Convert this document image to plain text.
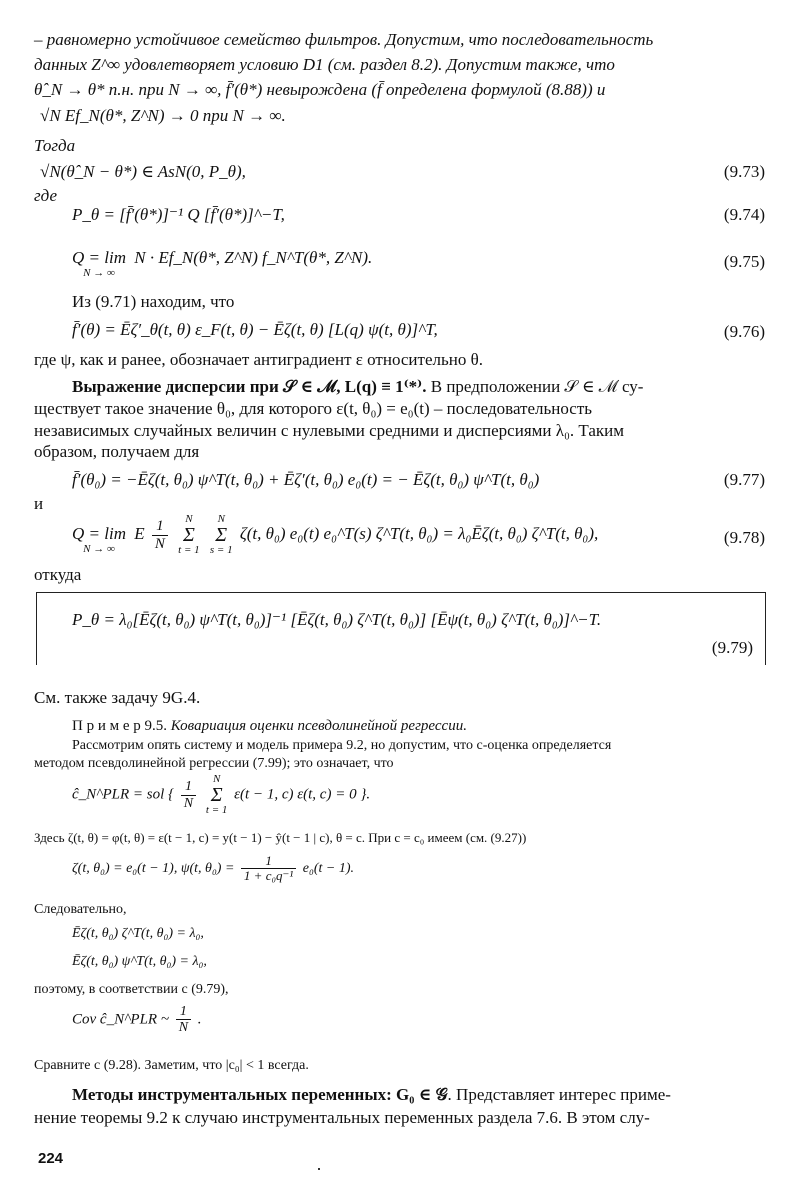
– равномерно устойчивое семейство фильтров. Допустим, что последовательность
данных Z^∞ удовлетворяет условию D1 (см. раздел 8.2). Допустим также, что
θ̂_N → θ* п.н. при N → ∞, f̄′(θ*) невырождена (f̄ определена формулой (8.88)) и
√N Ef_N(θ*, Z^N) → 0 при N → ∞.
Тогда
√N(θ̂_N − θ*) ∈ AsN(0, P_θ),	(9.73)
где
P_θ = [f̄′(θ*)]⁻¹ Q [f̄′(θ*)]^−T,	(9.74)
Q = lim
N → ∞
N · Ef_N(θ*, Z^N) f_N^T(θ*, Z^N).	(9.75)
Из (9.71) находим, что
f̄′(θ) = Ēζ′_θ(t, θ) ε_F(t, θ) − Ēζ(t, θ) [L(q) ψ(t, θ)]^T,	(9.76)
где ψ, как и ранее, обозначает антиградиент ε относительно θ.
Выражение дисперсии при 𝒮 ∈ ℳ, L(q) ≡ 1⁽*⁾. В предположении 𝒮 ∈ ℳ су-
ществует такое значение θ₀, для которого ε(t, θ₀) = e₀(t) – последовательность
независимых случайных величин с нулевыми средними и дисперсиями λ₀. Таким
образом, получаем для
f̄′(θ₀) = −Ēζ(t, θ₀) ψ^T(t, θ₀) + Ēζ′(t, θ₀) e₀(t) = − Ēζ(t, θ₀) ψ^T(t, θ₀)	(9.77)
и
Q = lim
N → ∞
E $\frac{1}{N}$
	N
Σ
t = 1

N
Σ
s = 1
ζ(t, θ₀) e₀(t) e₀^T(s) ζ^T(t, θ₀) = λ₀Ēζ(t, θ₀) ζ^T(t, θ₀),	(9.78)
откуда
P_θ = λ₀[Ēζ(t, θ₀) ψ^T(t, θ₀)]⁻¹ [Ēζ(t, θ₀) ζ^T(t, θ₀)] [Ēψ(t, θ₀) ζ^T(t, θ₀)]^−T.
(9.79)
См. также задачу 9G.4.
П р и м е р 9.5. Ковариация оценки псевдолинейной регрессии.
Рассмотрим опять систему и модель примера 9.2, но допустим, что c-оценка определяется
методом псевдолинейной регрессии (7.99); это означает, что
ĉ_N^PLR = sol { $\frac{1}{N}$

N
Σ
t = 1
ε(t − 1, c) ε(t, c) = 0 }.
Здесь ζ(t, θ) = φ(t, θ) = ε(t − 1, c) = y(t − 1) − ŷ(t − 1 | c), θ = c. При c = c₀ имеем (см. (9.27))
ζ(t, θ₀) = e₀(t − 1), ψ(t, $\theta_0) = \frac{1}{\text{1 + c₀q⁻¹}} e_0(t - 1)$.
Следовательно,
Ēζ(t, θ₀) ζ^T(t, θ₀) = λ₀,
Ēζ(t, θ₀) ψ^T(t, θ₀) = λ₀,
поэтому, в соответствии с (9.79),
Cov ĉ_N^PLR ~ $\frac{1}{N}$ .
Сравните с (9.28). Заметим, что |c₀| < 1 всегда.
Методы инструментальных переменных: G₀ ∈ 𝒢. Представляет интерес приме-
нение теоремы 9.2 к случаю инструментальных переменных раздела 7.6. В этом слу-
224
